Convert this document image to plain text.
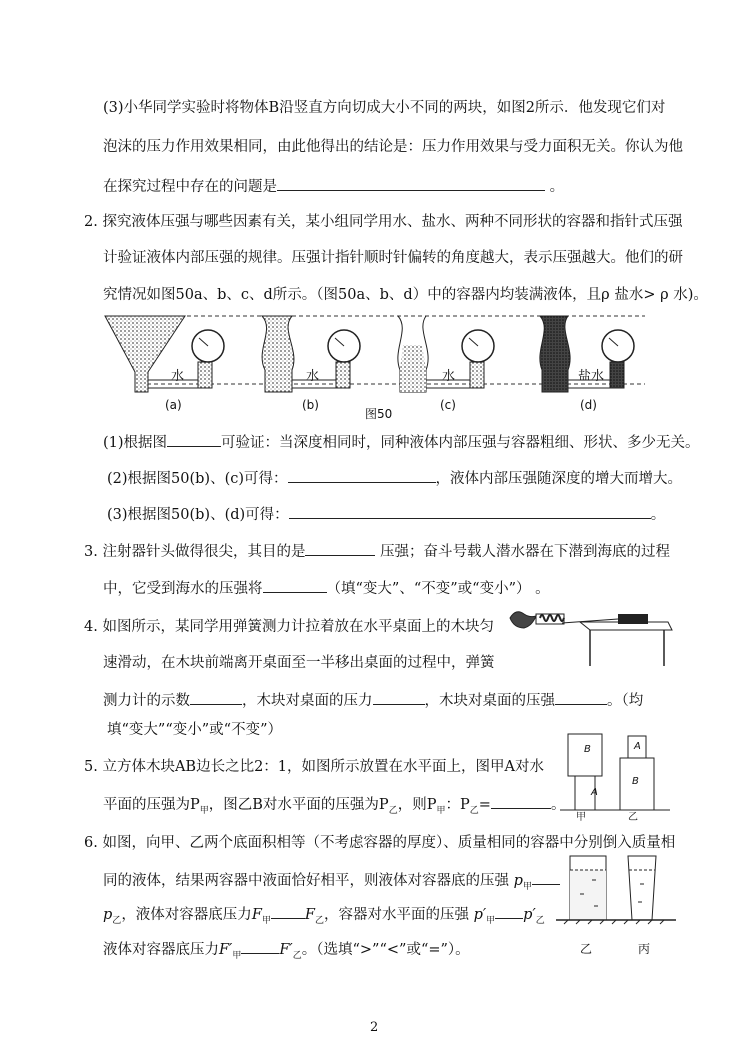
(3)小华同学实验时将物体B沿竖直方向切成大小不同的两块，如图2所示．他发现它们对
泡沫的压力作用效果相同，由此他得出的结论是：压力作用效果与受力面积无关。你认为他
在探究过程中存在的问题是	。
2. 探究液体压强与哪些因素有关，某小组同学用水、盐水、两种不同形状的容器和指针式压强
计验证液体内部压强的规律。压强计指针顺时针偏转的角度越大，表示压强越大。他们的研
究情况如图50a、b、c、d所示。（图50a、b、d）中的容器内均装满液体，且ρ 盐水> ρ 水)。
水	水	水	盐水
(a)	(b)
图50
(c)	(d)
(1)根据图	可验证：当深度相同时，同种液体内部压强与容器粗细、形状、多少无关。
(2)根据图50(b)、(c)可得：	，液体内部压强随深度的增大而增大。
(3)根据图50(b)、(d)可得：	。
3. 注射器针头做得很尖，其目的是	压强；奋斗号载人潜水器在下潜到海底的过程
中，它受到海水的压强将	（填“变大”、“不变”或“变小”） 。
4. 如图所示，某同学用弹簧测力计拉着放在水平桌面上的木块匀
速滑动，在木块前端离开桌面至一半移出桌面的过程中，弹簧
测力计的示数	，木块对桌面的压力	，木块对桌面的压强	。（均
填“变大”“变小”或“不变”）
5. 立方体木块AB边长之比2：1，如图所示放置在水平面上，图甲A对水
平面的压强为$P_甲$，图乙B对水平面的压强为$P_乙$，则$P_甲$：$P_乙=$	。
B
A
A
B
甲	乙
6. 如图，向甲、乙两个底面积相等（不考虑容器的厚度）、质量相同的容器中分别倒入质量相
同的液体，结果两容器中液面恰好相平，则液体对容器底的压强 $p_甲$
$p_乙$，液体对容器底压力$F_甲$ $F_乙$，容器对水平面的压强 $p'_甲$ $p'_乙$
液体对容器底压力$F'_甲$	$F'_乙$。（选填“>”“<”或“=”）。	乙	丙
2
